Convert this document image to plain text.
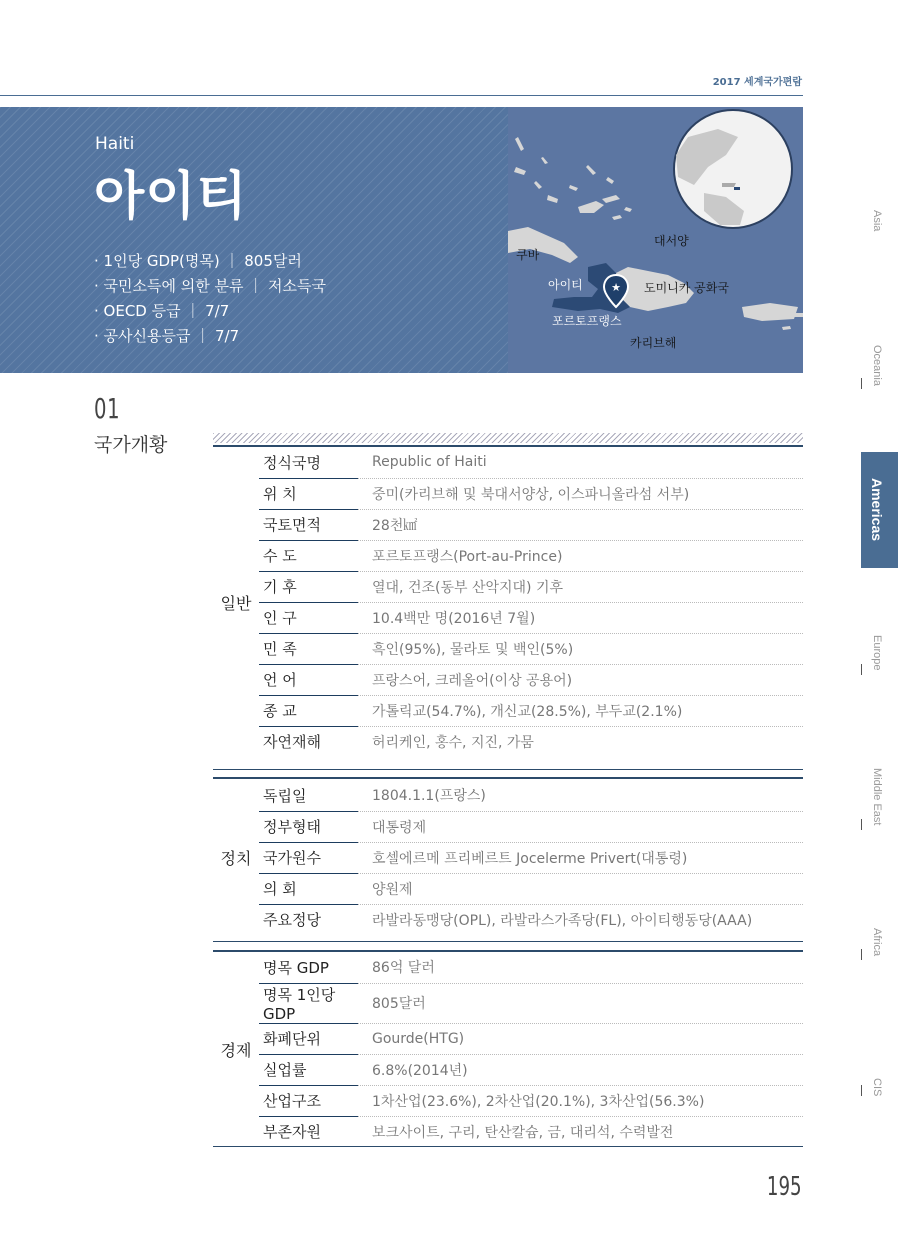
2017 세계국가편람
Haiti
아이티
· 1인당 GDP(명목) ｜ 805달러
· 국민소득에 의한 분류 ｜ 저소득국
· OECD 등급 ｜ 7/7
· 공사신용등급 ｜ 7/7
★
대서양
쿠바
아이티	도미니카 공화국
포르토프랭스
카리브해
01
국가개황
일반	정식국명	Republic of Haiti
	위 치	중미(카리브해 및 북대서양상, 이스파니올라섬 서부)
	국토면적	28천㎢
	수 도	포르토프랭스(Port-au-Prince)
	기 후	열대, 건조(동부 산악지대) 기후
	인 구	10.4백만 명(2016년 7월)
	민 족	흑인(95%), 물라토 및 백인(5%)
	언 어	프랑스어, 크레올어(이상 공용어)
	종 교	가톨릭교(54.7%), 개신교(28.5%), 부두교(2.1%)
	자연재해	허리케인, 홍수, 지진, 가뭄
정치	독립일	1804.1.1(프랑스)
	정부형태	대통령제
	국가원수	호셀에르메 프리베르트 Jocelerme Privert(대통령)
	의 회	양원제
	주요정당	라발라동맹당(OPL), 라발라스가족당(FL), 아이티행동당(AAA)
경제	명목 GDP	86억 달러
	명목 1인당 GDP	805달러
	화폐단위	Gourde(HTG)
	실업률	6.8%(2014년)
	산업구조	1차산업(23.6%), 2차산업(20.1%), 3차산업(56.3%)
	부존자원	보크사이트, 구리, 탄산칼슘, 금, 대리석, 수력발전
Asia
Oceania
Americas
Europe
Middle East
Africa
CIS
195
